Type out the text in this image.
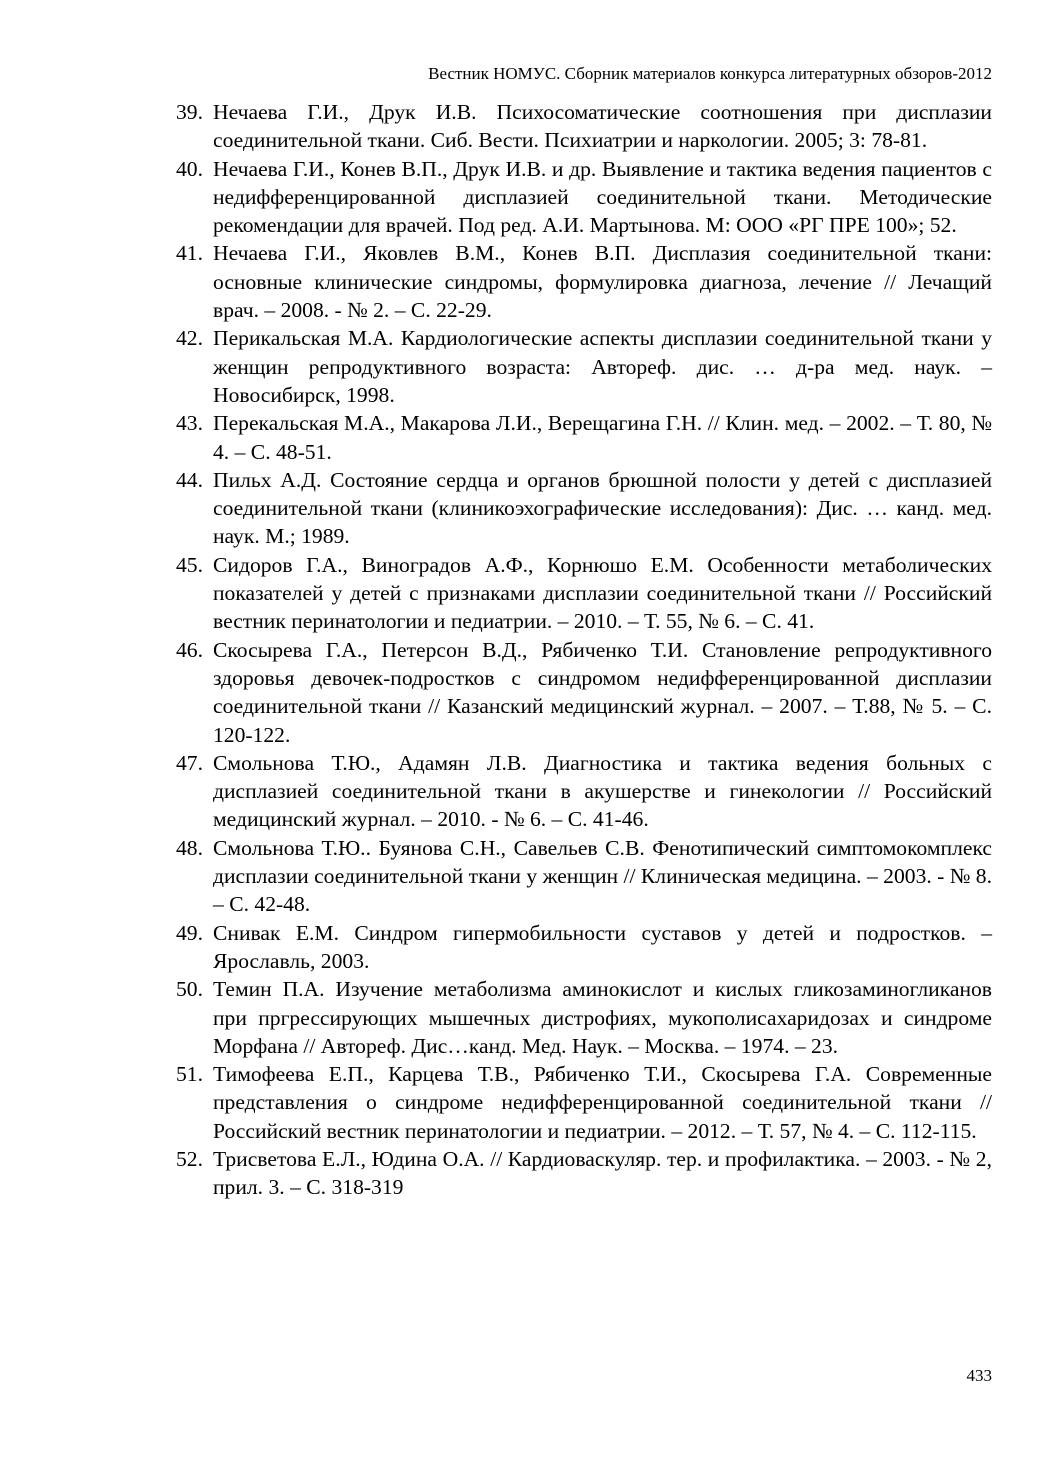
Вестник НОМУС. Сборник материалов конкурса литературных обзоров-2012
39. Нечаева Г.И., Друк И.В. Психосоматические соотношения при дисплазии соединительной ткани. Сиб. Вести. Психиатрии и наркологии. 2005; 3: 78-81.
40. Нечаева Г.И., Конев В.П., Друк И.В. и др. Выявление и тактика ведения пациентов с недифференцированной дисплазией соединительной ткани. Методические рекомендации для врачей. Под ред. А.И. Мартынова. М: ООО «РГ ПРЕ 100»; 52.
41. Нечаева Г.И., Яковлев В.М., Конев В.П. Дисплазия соединительной ткани: основные клинические синдромы, формулировка диагноза, лечение // Лечащий врач. – 2008. - № 2. – С. 22-29.
42. Перикальская М.А. Кардиологические аспекты дисплазии соединительной ткани у женщин репродуктивного возраста: Автореф. дис. … д-ра мед. наук. – Новосибирск, 1998.
43. Перекальская М.А., Макарова Л.И., Верещагина Г.Н. // Клин. мед. – 2002. – Т. 80, № 4. – С. 48-51.
44. Пильх А.Д. Состояние сердца и органов брюшной полости у детей с дисплазией соединительной ткани (клиникоэхографические исследования): Дис. … канд. мед. наук. М.; 1989.
45. Сидоров Г.А., Виноградов А.Ф., Корнюшо Е.М. Особенности метаболических показателей у детей с признаками дисплазии соединительной ткани // Российский вестник перинатологии и педиатрии. – 2010. – Т. 55, № 6. – С. 41.
46. Скосырева Г.А., Петерсон В.Д., Рябиченко Т.И. Становление репродуктивного здоровья девочек-подростков с синдромом недифференцированной дисплазии соединительной ткани // Казанский медицинский журнал. – 2007. – Т.88, № 5. – С. 120-122.
47. Смольнова Т.Ю., Адамян Л.В. Диагностика и тактика ведения больных с дисплазией соединительной ткани в акушерстве и гинекологии // Российский медицинский журнал. – 2010. - № 6. – С. 41-46.
48. Смольнова Т.Ю.. Буянова С.Н., Савельев С.В. Фенотипический симптомокомплекс дисплазии соединительной ткани у женщин // Клиническая медицина. – 2003. - № 8. – С. 42-48.
49. Снивак Е.М. Синдром гипермобильности суставов у детей и подростков. – Ярославль, 2003.
50. Темин П.А. Изучение метаболизма аминокислот и кислых гликозаминогликанов при пргрессирующих мышечных дистрофиях, мукополисахаридозах и синдроме Морфана // Автореф. Дис…канд. Мед. Наук. – Москва. – 1974. – 23.
51. Тимофеева Е.П., Карцева Т.В., Рябиченко Т.И., Скосырева Г.А. Современные представления о синдроме недифференцированной соединительной ткани // Российский вестник перинатологии и педиатрии. – 2012. – Т. 57, № 4. – С. 112-115.
52. Трисветова Е.Л., Юдина О.А. // Кардиоваскуляр. тер. и профилактика. – 2003. - № 2, прил. 3. – С. 318-319
433
